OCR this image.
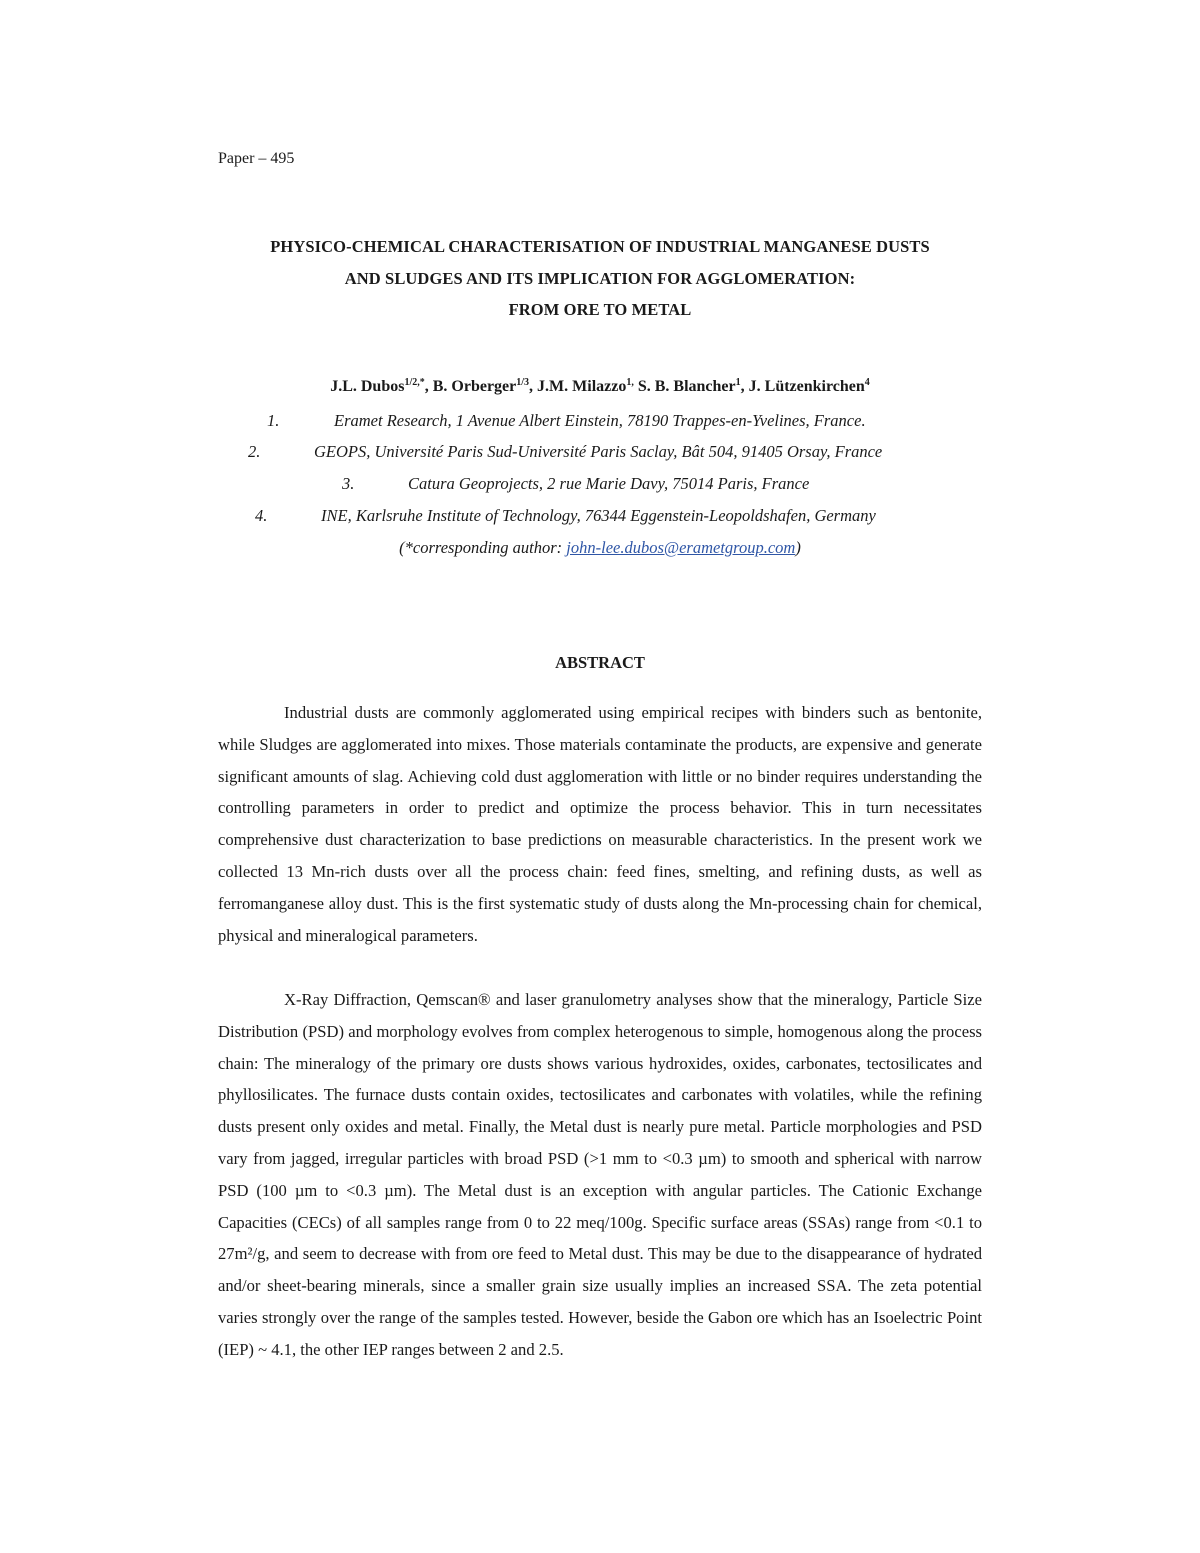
Paper – 495
PHYSICO-CHEMICAL CHARACTERISATION OF INDUSTRIAL MANGANESE DUSTS
AND SLUDGES AND ITS IMPLICATION FOR AGGLOMERATION:
FROM ORE TO METAL
J.L. Dubos$^{1/2,*}$, B. Orberger$^{1/3}$, J.M. Milazzo$^{1,}$ S. B. Blancher$^1$, J. Lützenkirchen$^4$
1.	Eramet Research, 1 Avenue Albert Einstein, 78190 Trappes-en-Yvelines, France.
2.	GEOPS, Université Paris Sud-Université Paris Saclay, Bât 504, 91405 Orsay, France
3.	Catura Geoprojects, 2 rue Marie Davy, 75014 Paris, France
4.	INE, Karlsruhe Institute of Technology, 76344 Eggenstein-Leopoldshafen, Germany
(*corresponding author: john-lee.dubos@erametgroup.com)
ABSTRACT

Industrial dusts are commonly agglomerated using empirical recipes with binders such as bentonite, while Sludges are agglomerated into mixes. Those materials contaminate the products, are expensive and generate significant amounts of slag. Achieving cold dust agglomeration with little or no binder requires understanding the controlling parameters in order to predict and optimize the process behavior. This in turn necessitates comprehensive dust characterization to base predictions on measurable characteristics. In the present work we collected 13 Mn-rich dusts over all the process chain: feed fines, smelting, and refining dusts, as well as ferromanganese alloy dust. This is the first systematic study of dusts along the Mn-processing chain for chemical, physical and mineralogical parameters.

X-Ray Diffraction, Qemscan® and laser granulometry analyses show that the mineralogy, Particle Size Distribution (PSD) and morphology evolves from complex heterogenous to simple, homogenous along the process chain: The mineralogy of the primary ore dusts shows various hydroxides, oxides, carbonates, tectosilicates and phyllosilicates. The furnace dusts contain oxides, tectosilicates and carbonates with volatiles, while the refining dusts present only oxides and metal. Finally, the Metal dust is nearly pure metal. Particle morphologies and PSD vary from jagged, irregular particles with broad PSD (>1 mm to <0.3 µm) to smooth and spherical with narrow PSD (100 µm to <0.3 µm). The Metal dust is an exception with angular particles. The Cationic Exchange Capacities (CECs) of all samples range from 0 to 22 meq/100g. Specific surface areas (SSAs) range from <0.1 to 27m²/g, and seem to decrease with from ore feed to Metal dust. This may be due to the disappearance of hydrated and/or sheet-bearing minerals, since a smaller grain size usually implies an increased SSA. The zeta potential varies strongly over the range of the samples tested. However, beside the Gabon ore which has an Isoelectric Point (IEP) ~ 4.1, the other IEP ranges between 2 and 2.5.
